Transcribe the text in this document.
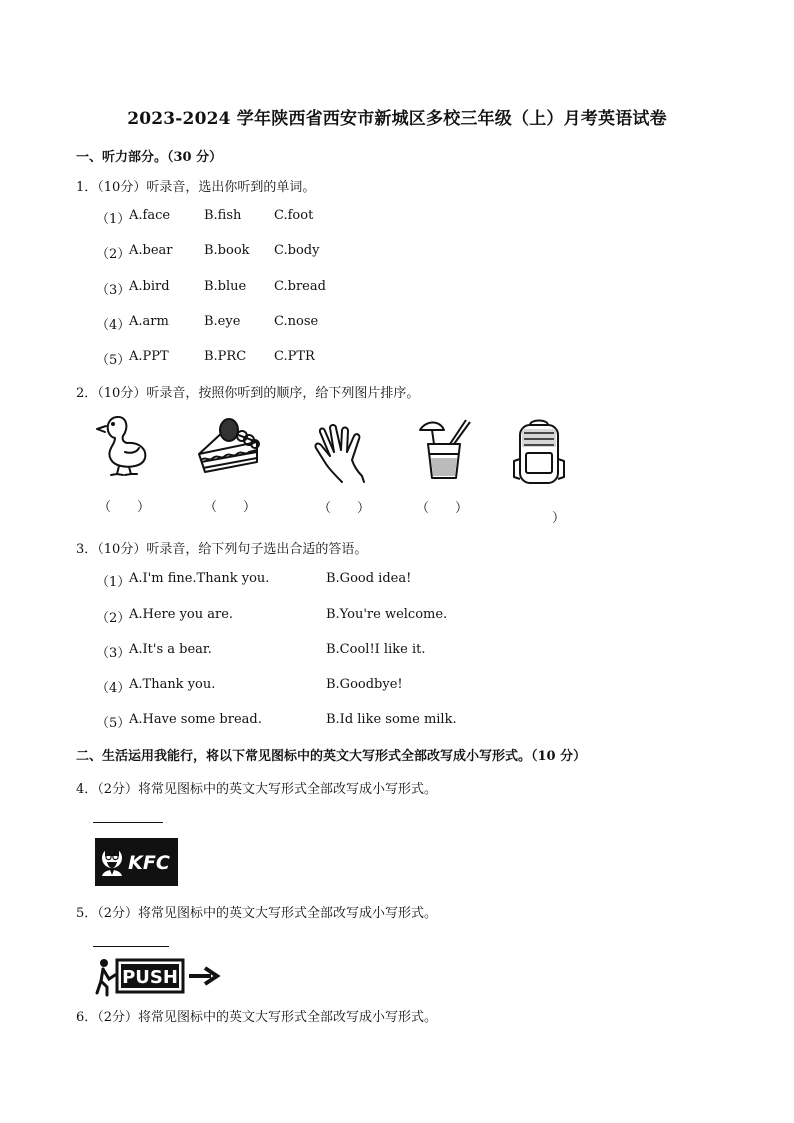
2023-2024 学年陕西省西安市新城区多校三年级（上）月考英语试卷
一、听力部分。（30 分）
1．（10分）听录音，选出你听到的单词。
（1）
A.face	B.fish	C.foot
（2）
A.bear B.book C.body
（3）
A.bird	B.blue C.bread
（4）
A.arm	B.eye	C.nose
（5）
A.PPT	B.PRC C.PTR
2．（10分）听录音，按照你听到的顺序，给下列图片排序。
（　　）	（　　）	（　　）	（　　）
）
3．（10分）听录音，给下列句子选出合适的答语。
（1）
A.I'm fine.Thank you.	B.Good idea!
（2）
A.Here you are.	B.You're welcome.
（3）
A.It's a bear.	B.Cool!I like it.
（4）
A.Thank you.	B.Goodbye!
（5）
A.Have some bread.	B.Id like some milk.
二、生活运用我能行，将以下常见图标中的英文大写形式全部改写成小写形式。（10 分）
4．（2分）将常见图标中的英文大写形式全部改写成小写形式。
KFC
5．（2分）将常见图标中的英文大写形式全部改写成小写形式。
PUSH
6．（2分）将常见图标中的英文大写形式全部改写成小写形式。
